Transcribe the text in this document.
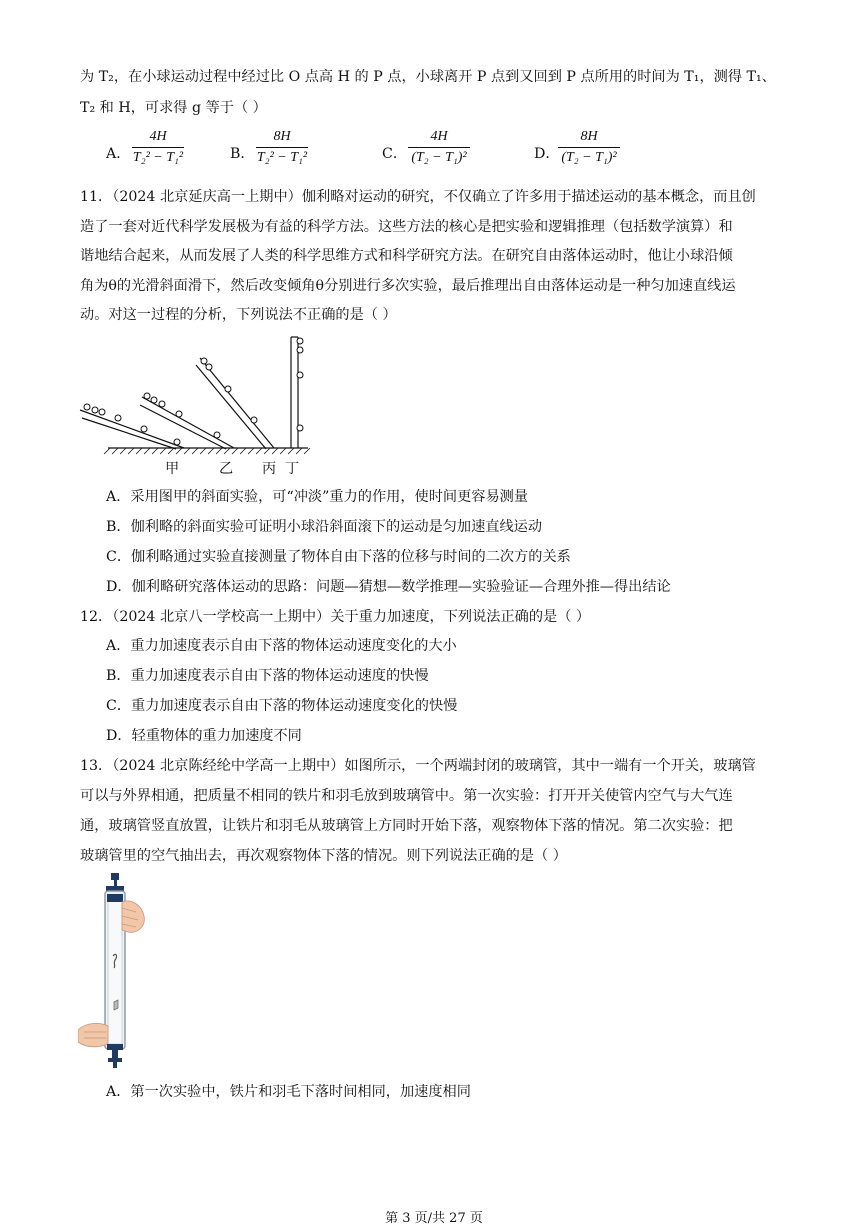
为 T₂，在小球运动过程中经过比 O 点高 H 的 P 点，小球离开 P 点到又回到 P 点所用的时间为 T₁，测得 T₁、
T₂ 和 H，可求得 g 等于（ ）
A．
4H
T₂² − T₁²	B．
8H
T₂² − T₁²	C．
4H
(T₂ − T₁)²	D．
8H
(T₂ − T₁)²
11．（2024 北京延庆高一上期中）伽利略对运动的研究，不仅确立了许多用于描述运动的基本概念，而且创
造了一套对近代科学发展极为有益的科学方法。这些方法的核心是把实验和逻辑推理（包括数学演算）和
谐地结合起来，从而发展了人类的科学思维方式和科学研究方法。在研究自由落体运动时，他让小球沿倾
角为θ的光滑斜面滑下，然后改变倾角θ分别进行多次实验，最后推理出自由落体运动是一种匀加速直线运
动。对这一过程的分析，下列说法不正确的是（ ）
甲	乙 丙 丁
A．采用图甲的斜面实验，可“冲淡”重力的作用，使时间更容易测量
B．伽利略的斜面实验可证明小球沿斜面滚下的运动是匀加速直线运动
C．伽利略通过实验直接测量了物体自由下落的位移与时间的二次方的关系
D．伽利略研究落体运动的思路：问题—猜想—数学推理—实验验证—合理外推—得出结论
12．（2024 北京八一学校高一上期中）关于重力加速度，下列说法正确的是（ ）
A．重力加速度表示自由下落的物体运动速度变化的大小
B．重力加速度表示自由下落的物体运动速度的快慢
C．重力加速度表示自由下落的物体运动速度变化的快慢
D．轻重物体的重力加速度不同
13．（2024 北京陈经纶中学高一上期中）如图所示，一个两端封闭的玻璃管，其中一端有一个开关，玻璃管
可以与外界相通，把质量不相同的铁片和羽毛放到玻璃管中。第一次实验：打开开关使管内空气与大气连
通，玻璃管竖直放置，让铁片和羽毛从玻璃管上方同时开始下落，观察物体下落的情况。第二次实验：把
玻璃管里的空气抽出去，再次观察物体下落的情况。则下列说法正确的是（ ）
A．第一次实验中，铁片和羽毛下落时间相同，加速度相同
第 3 页/共 27 页
